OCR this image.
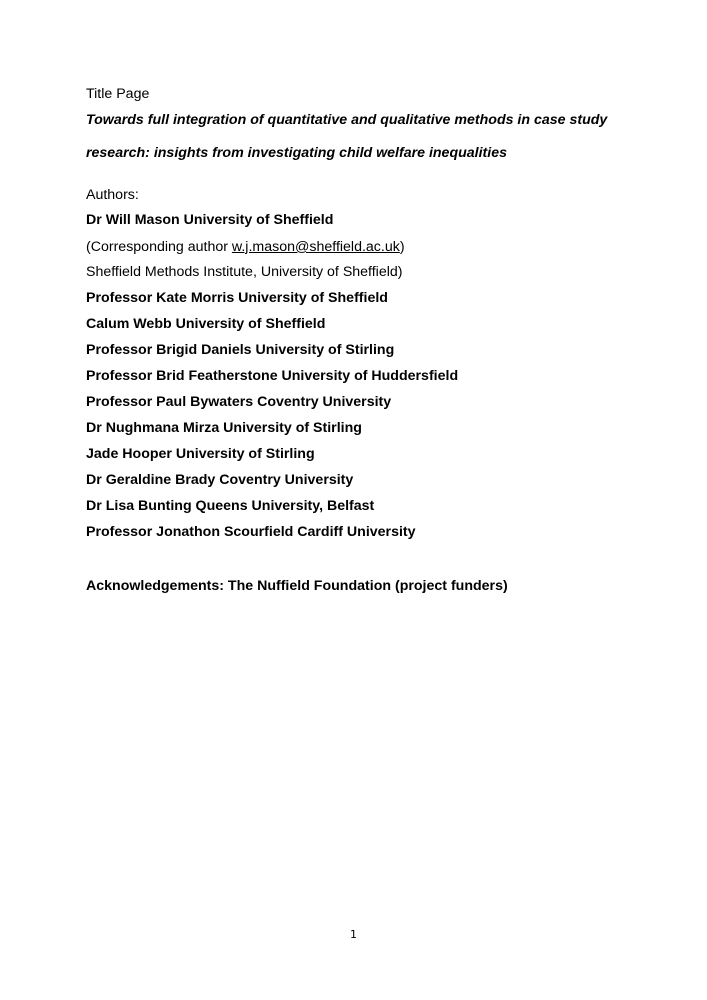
Title Page
Towards full integration of quantitative and qualitative methods in case study
research: insights from investigating child welfare inequalities
Authors:
Dr Will Mason University of Sheffield
(Corresponding author w.j.mason@sheffield.ac.uk)
Sheffield Methods Institute, University of Sheffield)
Professor Kate Morris University of Sheffield
Calum Webb University of Sheffield
Professor Brigid Daniels University of Stirling
Professor Brid Featherstone University of Huddersfield
Professor Paul Bywaters Coventry University
Dr Nughmana Mirza University of Stirling
Jade Hooper University of Stirling
Dr Geraldine Brady Coventry University
Dr Lisa Bunting Queens University, Belfast
Professor Jonathon Scourfield Cardiff University
Acknowledgements: The Nuffield Foundation (project funders)
1
